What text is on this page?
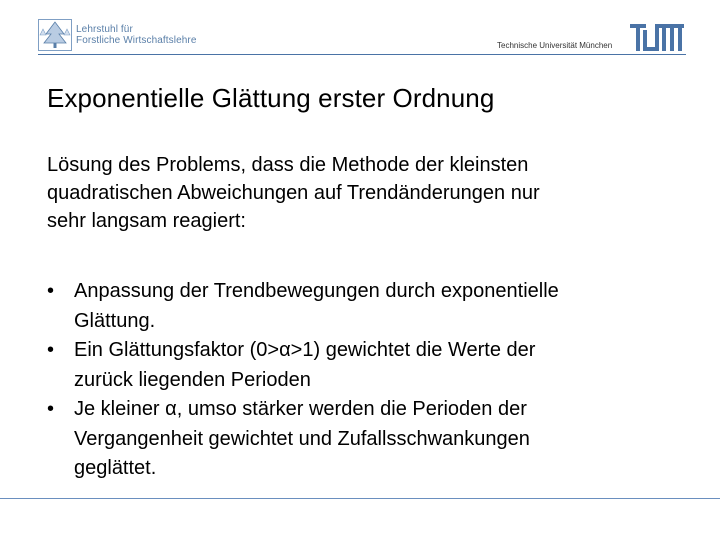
Lehrstuhl für
Forstliche Wirtschaftslehre	Technische Universität München
Exponentielle Glättung erster Ordnung

Lösung des Problems, dass die Methode der kleinsten
quadratischen Abweichungen auf Trendänderungen nur
sehr langsam reagiert:

• Anpassung der Trendbewegungen durch exponentielle
Glättung.
• Ein Glättungsfaktor (0>α>1) gewichtet die Werte der
zurück liegenden Perioden
• Je kleiner α, umso stärker werden die Perioden der
Vergangenheit gewichtet und Zufallsschwankungen
geglättet.
